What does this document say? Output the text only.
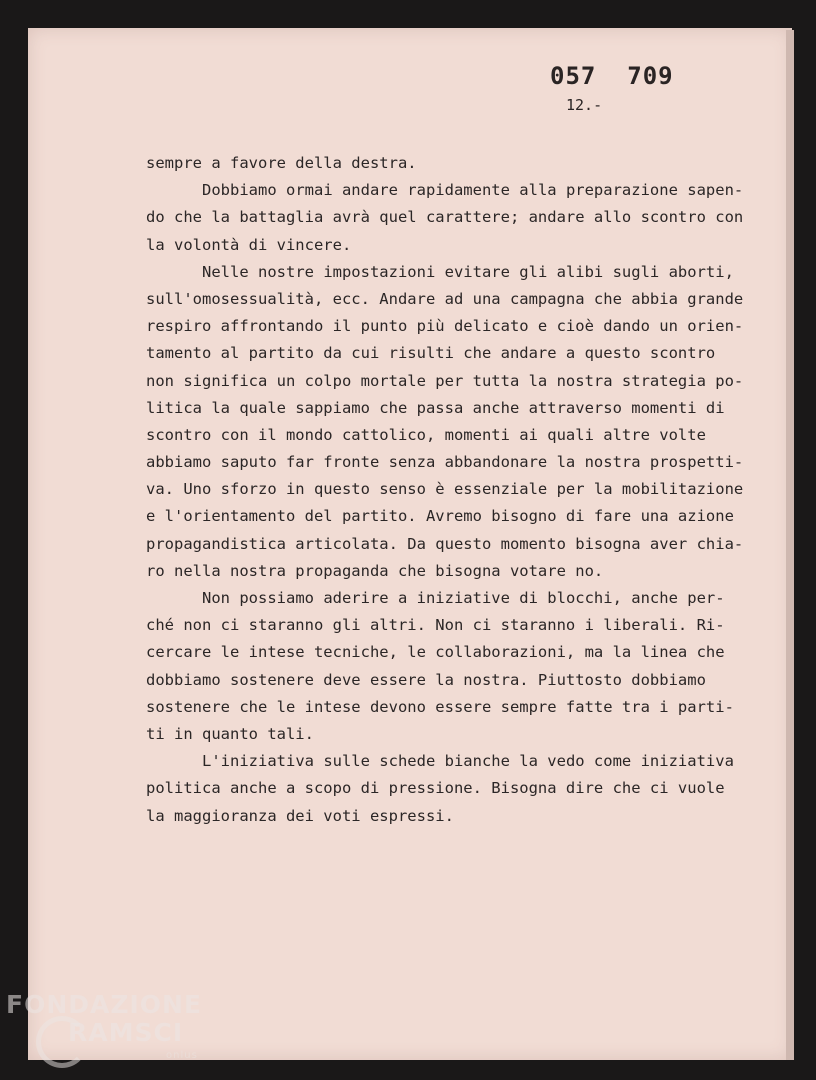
057  709
12.-
sempre a favore della destra.
Dobbiamo ormai andare rapidamente alla preparazione sapen-
do che la battaglia avrà quel carattere; andare allo scontro con
la volontà di vincere.
Nelle nostre impostazioni evitare gli alibi sugli aborti,
sull'omosessualità, ecc. Andare ad una campagna che abbia grande
respiro affrontando il punto più delicato e cioè dando un orien-
tamento al partito da cui risulti che andare a questo scontro
non significa un colpo mortale per tutta la nostra strategia po-
litica la quale sappiamo che passa anche attraverso momenti di
scontro con il mondo cattolico, momenti ai quali altre volte
abbiamo saputo far fronte senza abbandonare la nostra prospetti-
va. Uno sforzo in questo senso è essenziale per la mobilitazione
e l'orientamento del partito. Avremo bisogno di fare una azione
propagandistica articolata. Da questo momento bisogna aver chia-
ro nella nostra propaganda che bisogna votare no.
Non possiamo aderire a iniziative di blocchi, anche per-
ché non ci staranno gli altri. Non ci staranno i liberali. Ri-
cercare le intese tecniche, le collaborazioni, ma la linea che
dobbiamo sostenere deve essere la nostra. Piuttosto dobbiamo
sostenere che le intese devono essere sempre fatte tra i parti-
ti in quanto tali.
L'iniziativa sulle schede bianche la vedo come iniziativa
politica anche a scopo di pressione. Bisogna dire che ci vuole
la maggioranza dei voti espressi.
FONDAZIONE
RAMSCI
onlus
